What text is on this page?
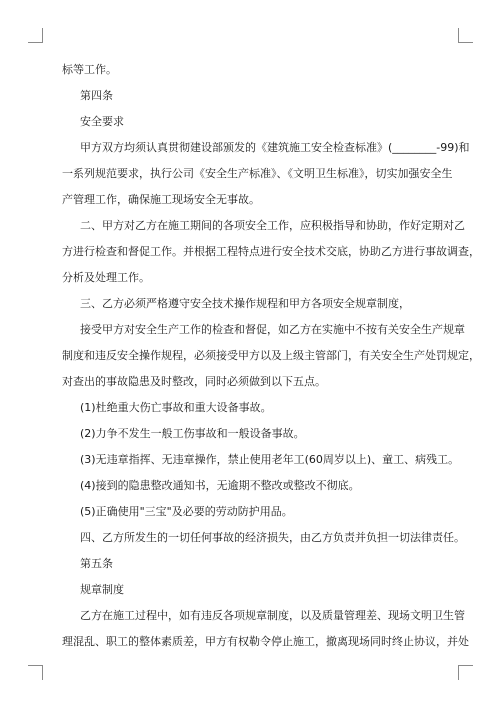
标等工作。

第四条

安全要求

甲方双方均须认真贯彻建设部颁发的《建筑施工安全检查标准》(________-99)和

一系列规范要求，执行公司《安全生产标准》、《文明卫生标准》，切实加强安全生

产管理工作，确保施工现场安全无事故。

二、甲方对乙方在施工期间的各项安全工作，应积极指导和协助，作好定期对乙

方进行检查和督促工作。并根据工程特点进行安全技术交底，协助乙方进行事故调查，

分析及处理工作。

三、乙方必须严格遵守安全技术操作规程和甲方各项安全规章制度，

接受甲方对安全生产工作的检查和督促，如乙方在实施中不按有关安全生产规章

制度和违反安全操作规程，必须接受甲方以及上级主管部门，有关安全生产处罚规定，

对查出的事故隐患及时整改，同时必须做到以下五点。

(1)杜绝重大伤亡事故和重大设备事故。

(2)力争不发生一般工伤事故和一般设备事故。

(3)无违章指挥、无违章操作，禁止使用老年工(60周岁以上)、童工、病残工。

(4)接到的隐患整改通知书，无逾期不整改或整改不彻底。

(5)正确使用"三宝"及必要的劳动防护用品。

四、乙方所发生的一切任何事故的经济损失，由乙方负责并负担一切法律责任。

第五条

规章制度

乙方在施工过程中，如有违反各项规章制度，以及质量管理差、现场文明卫生管

理混乱、职工的整体素质差，甲方有权勒令停止施工，撤离现场同时终止协议，并处
